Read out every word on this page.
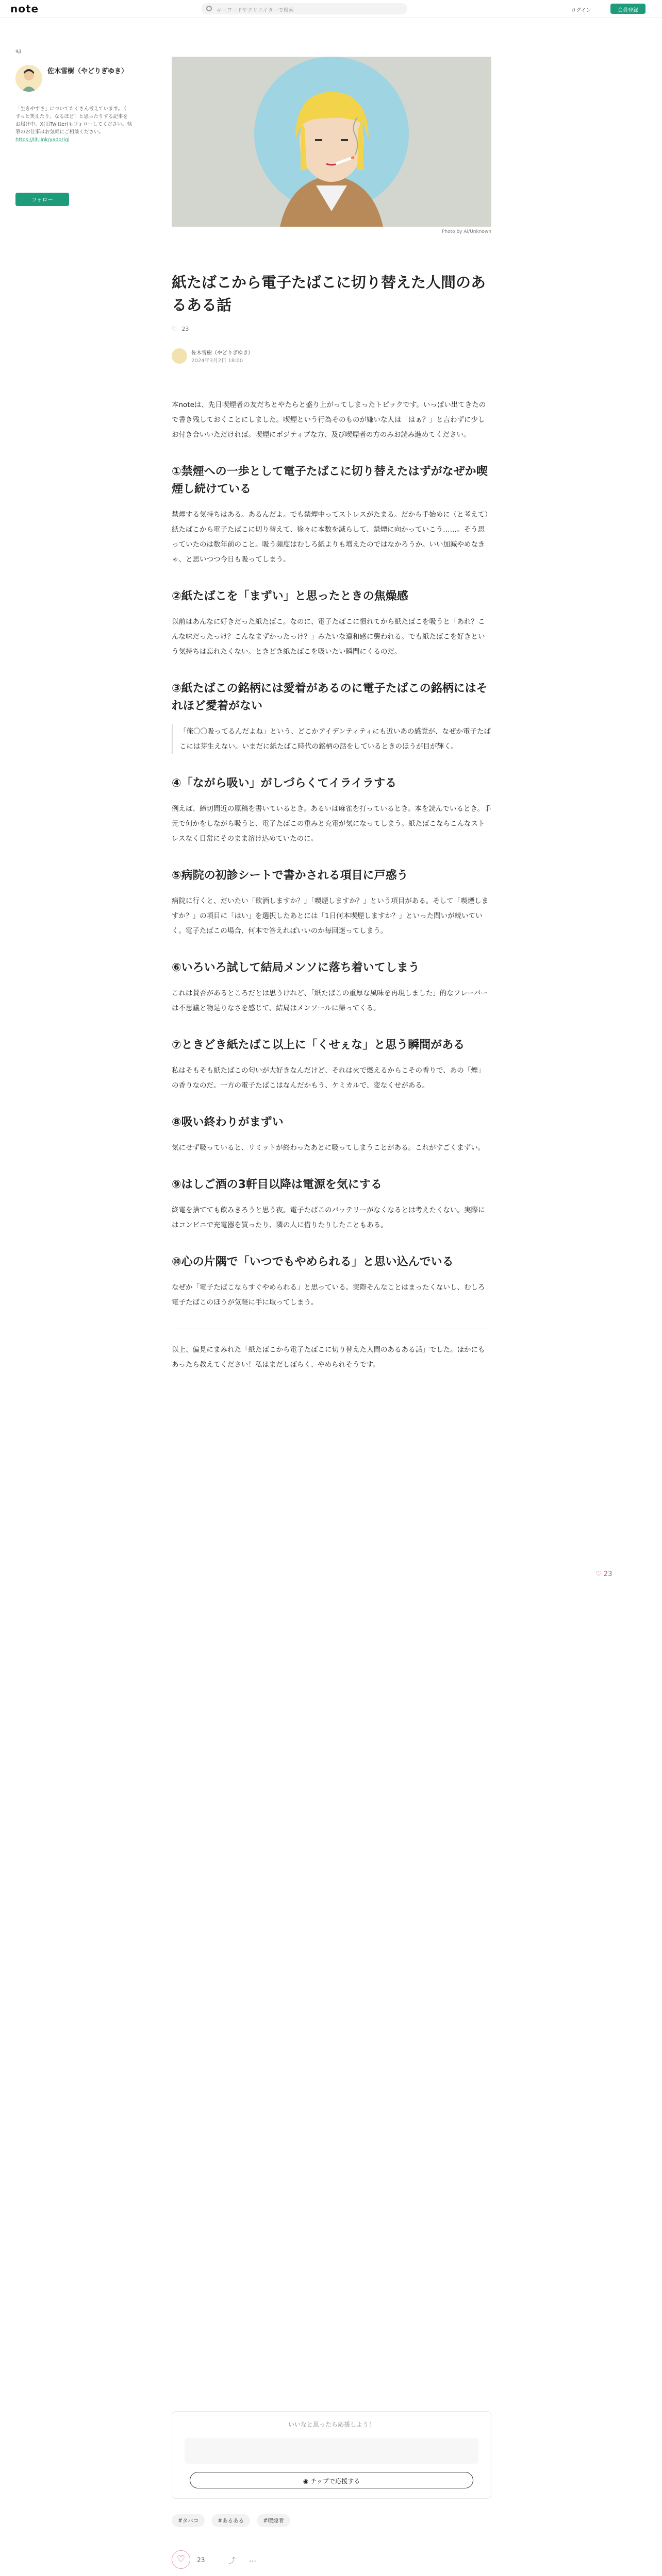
note	キーワードやクリエイターで検索	ログイン	会員登録
9ji
佐木雪樹（やどりぎゆき）
「生きやすさ」についてたくさん考えています。くすっと笑えたり、なるほど！と思ったりする記事をお届け中。X(旧Twitter)もフォローしてください。執筆のお仕事はお気軽にご相談ください。
https://lit.link/yadorigi
フォロー
Photo by AI/Unknown
紙たばこから電子たばこに切り替えた人間のあるある話
♡ 23
佐木雪樹（やどりぎゆき）
2024年3月2日 18:00

本noteは、先日喫煙者の友だちとやたらと盛り上がってしまったトピックです。いっぱい出てきたので書き残しておくことにしました。喫煙という行為そのものが嫌いな人は「はぁ？」と言わずに少しお付き合いいただければ。喫煙にポジティブな方、及び喫煙者の方のみお読み進めてください。

①禁煙への一歩として電子たばこに切り替えたはずがなぜか喫煙し続けている

禁煙する気持ちはある。あるんだよ。でも禁煙中ってストレスがたまる。だから手始めに（と考えて）紙たばこから電子たばこに切り替えて、徐々に本数を減らして、禁煙に向かっていこう……。そう思っていたのは数年前のこと。吸う頻度はむしろ紙よりも増えたのではなかろうか。いい加減やめなきゃ、と思いつつ今日も吸ってしまう。

②紙たばこを「まずい」と思ったときの焦燥感

以前はあんなに好きだった紙たばこ。なのに、電子たばこに慣れてから紙たばこを吸うと「あれ？こんな味だったっけ？こんなまずかったっけ？」みたいな違和感に襲われる。でも紙たばこを好きという気持ちは忘れたくない。ときどき紙たばこを吸いたい瞬間にくるのだ。

③紙たばこの銘柄には愛着があるのに電子たばこの銘柄にはそれほど愛着がない

「俺〇〇吸ってるんだよね」という、どこかアイデンティティにも近いあの感覚が、なぜか電子たばこには芽生えない。いまだに紙たばこ時代の銘柄の話をしているときのほうが目が輝く。

④「ながら吸い」がしづらくてイライラする

例えば、締切間近の原稿を書いているとき。あるいは麻雀を打っているとき。本を読んでいるとき。手元で何かをしながら吸うと、電子たばこの重みと充電が気になってしまう。紙たばこならこんなストレスなく日常にそのまま溶け込めていたのに。

⑤病院の初診シートで書かされる項目に戸惑う

病院に行くと、だいたい「飲酒しますか？」「喫煙しますか？」という項目がある。そして「喫煙しますか？」の項目に「はい」を選択したあとには「1日何本喫煙しますか？」といった問いが続いていく。電子たばこの場合、何本で答えればいいのか毎回迷ってしまう。

⑥いろいろ試して結局メンソに落ち着いてしまう

これは賛否があるところだとは思うけれど、「紙たばこの重厚な風味を再現しました」的なフレーバーは不思議と物足りなさを感じて、結局はメンソールに帰ってくる。

⑦ときどき紙たばこ以上に「くせぇな」と思う瞬間がある

私はそもそも紙たばこの匂いが大好きなんだけど、それは火で燃えるからこその香りで、あの「煙」の香りなのだ。一方の電子たばこはなんだかもう、ケミカルで、変なくせがある。

⑧吸い終わりがまずい

気にせず吸っていると、リミットが終わったあとに吸ってしまうことがある。これがすごくまずい。

⑨はしご酒の3軒目以降は電源を気にする

終電を捨てても飲みきろうと思う夜。電子たばこのバッテリーがなくなるとは考えたくない。実際にはコンビニで充電器を買ったり、隣の人に借りたりしたこともある。

⑩心の片隅で「いつでもやめられる」と思い込んでいる

なぜか「電子たばこならすぐやめられる」と思っている。実際そんなことはまったくないし、むしろ電子たばこのほうが気軽に手に取ってしまう。

以上、偏見にまみれた「紙たばこから電子たばこに切り替えた人間のあるある話」でした。ほかにもあったら教えてください！私はまだしばらく、やめられそうです。

いいなと思ったら応援しよう！
◉ チップで応援する
#タバコ	#あるある	#喫煙者
♡ 23	⤴ …
♡ 23
